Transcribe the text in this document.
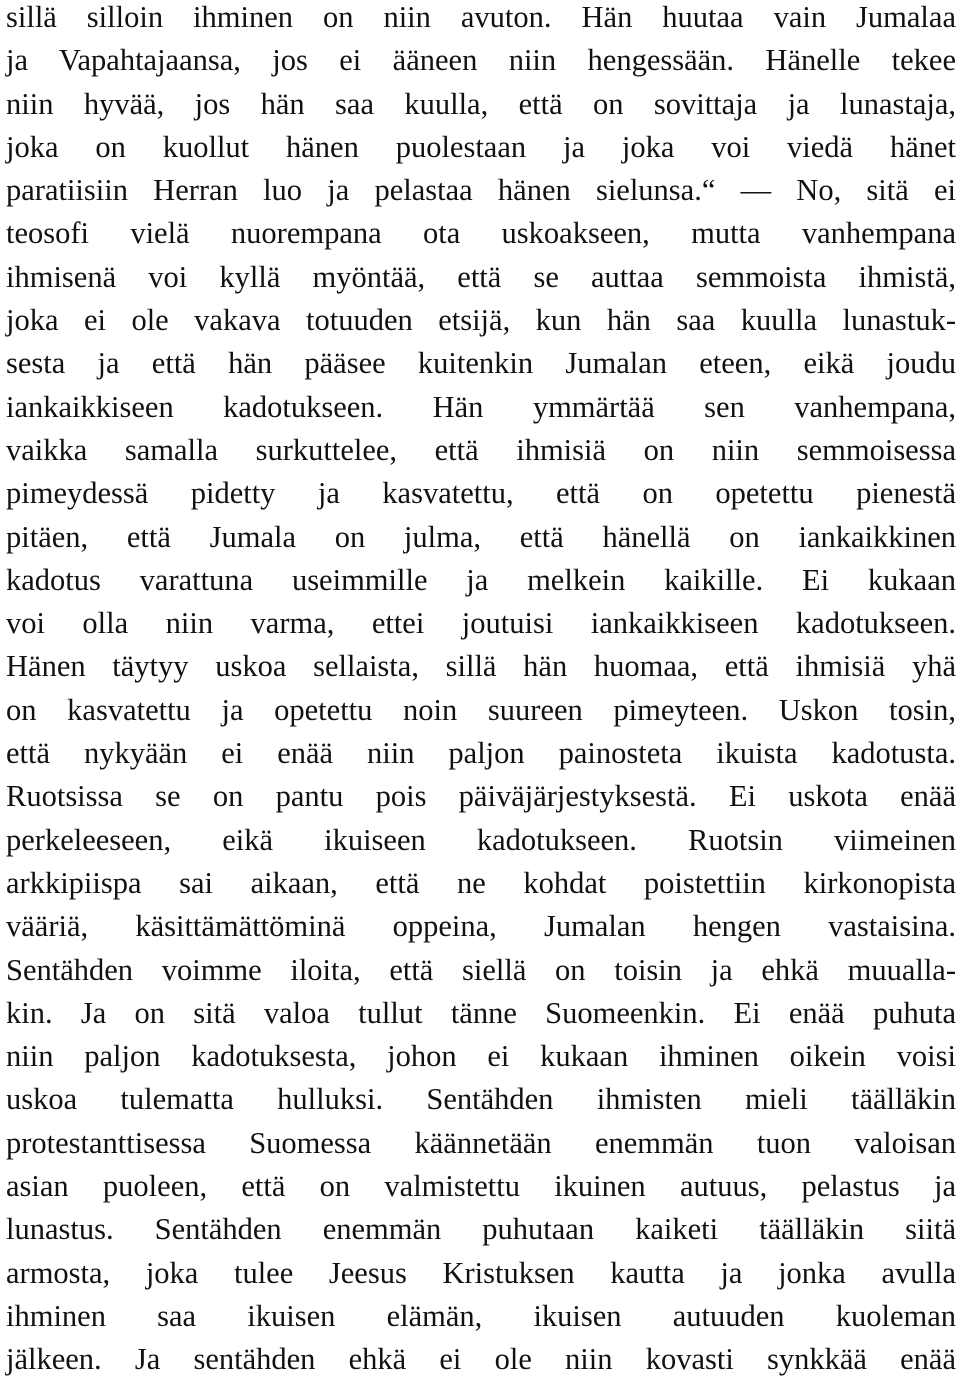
sillä silloin ihminen on niin avuton. Hän huutaa vain Jumalaa
ja Vapahtajaansa, jos ei ääneen niin hengessään. Hänelle tekee
niin hyvää, jos hän saa kuulla, että on sovittaja ja lunastaja,
joka on kuollut hänen puolestaan ja joka voi viedä hänet
paratiisiin Herran luo ja pelastaa hänen sielunsa.“ — No, sitä ei
teosofi vielä nuorempana ota uskoakseen, mutta vanhempana
ihmisenä voi kyllä myöntää, että se auttaa semmoista ihmistä,
joka ei ole vakava totuuden etsijä, kun hän saa kuulla lunastuk-
sesta ja että hän pääsee kuitenkin Jumalan eteen, eikä joudu
iankaikkiseen kadotukseen. Hän ymmärtää sen vanhempana,
vaikka samalla surkuttelee, että ihmisiä on niin semmoisessa
pimeydessä pidetty ja kasvatettu, että on opetettu pienestä
pitäen, että Jumala on julma, että hänellä on iankaikkinen
kadotus varattuna useimmille ja melkein kaikille. Ei kukaan
voi olla niin varma, ettei joutuisi iankaikkiseen kadotukseen.
Hänen täytyy uskoa sellaista, sillä hän huomaa, että ihmisiä yhä
on kasvatettu ja opetettu noin suureen pimeyteen. Uskon tosin,
että nykyään ei enää niin paljon painosteta ikuista kadotusta.
Ruotsissa se on pantu pois päiväjärjestyksestä. Ei uskota enää
perkeleeseen, eikä ikuiseen kadotukseen. Ruotsin viimeinen
arkkipiispa sai aikaan, että ne kohdat poistettiin kirkonopista
vääriä, käsittämättöminä oppeina, Jumalan hengen vastaisina.
Sentähden voimme iloita, että siellä on toisin ja ehkä muualla-
kin. Ja on sitä valoa tullut tänne Suomeenkin. Ei enää puhuta
niin paljon kadotuksesta, johon ei kukaan ihminen oikein voisi
uskoa tulematta hulluksi. Sentähden ihmisten mieli täälläkin
protestanttisessa Suomessa käännetään enemmän tuon valoisan
asian puoleen, että on valmistettu ikuinen autuus, pelastus ja
lunastus. Sentähden enemmän puhutaan kaiketi täälläkin siitä
armosta, joka tulee Jeesus Kristuksen kautta ja jonka avulla
ihminen saa ikuisen elämän, ikuisen autuuden kuoleman
jälkeen. Ja sentähden ehkä ei ole niin kovasti synkkää enää
